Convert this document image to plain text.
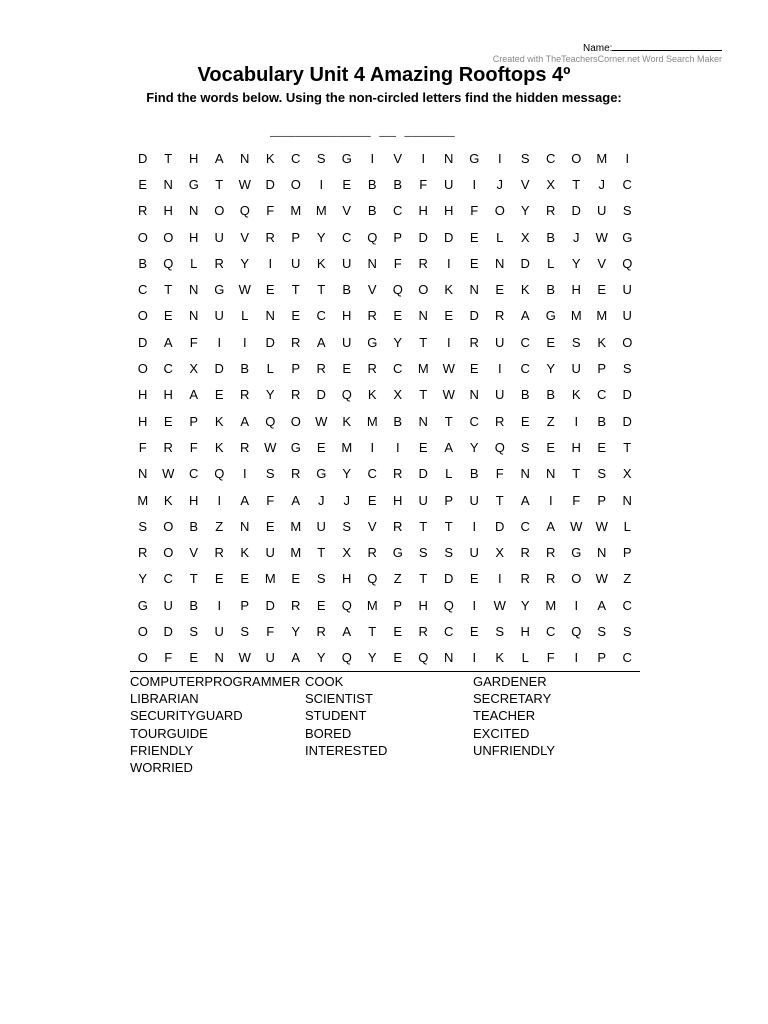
Name:
Created with TheTeachersCorner.net Word Search Maker
Vocabulary Unit 4 Amazing Rooftops 4º
Find the words below. Using the non-circled letters find the hidden message:
____________ __ ______
D	T	H	A	N	K	C	S	G	I	V	I	N	G	I	S	C	O	M	I
E	N	G	T	W	D	O	I	E	B	B	F	U	I	J	V	X	T	J	C
R	H	N	O	Q	F	M	M	V	B	C	H	H	F	O	Y	R	D	U	S
O	O	H	U	V	R	P	Y	C	Q	P	D	D	E	L	X	B	J	W	G
B	Q	L	R	Y	I	U	K	U	N	F	R	I	E	N	D	L	Y	V	Q
C	T	N	G	W	E	T	T	B	V	Q	O	K	N	E	K	B	H	E	U
O	E	N	U	L	N	E	C	H	R	E	N	E	D	R	A	G	M	M	U
D	A	F	I	I	D	R	A	U	G	Y	T	I	R	U	C	E	S	K	O
O	C	X	D	B	L	P	R	E	R	C	M	W	E	I	C	Y	U	P	S
H	H	A	E	R	Y	R	D	Q	K	X	T	W	N	U	B	B	K	C	D
H	E	P	K	A	Q	O	W	K	M	B	N	T	C	R	E	Z	I	B	D
F	R	F	K	R	W	G	E	M	I	I	E	A	Y	Q	S	E	H	E	T
N	W	C	Q	I	S	R	G	Y	C	R	D	L	B	F	N	N	T	S	X
M	K	H	I	A	F	A	J	J	E	H	U	P	U	T	A	I	F	P	N
S	O	B	Z	N	E	M	U	S	V	R	T	T	I	D	C	A	W	W	L
R	O	V	R	K	U	M	T	X	R	G	S	S	U	X	R	R	G	N	P
Y	C	T	E	E	M	E	S	H	Q	Z	T	D	E	I	R	R	O	W	Z
G	U	B	I	P	D	R	E	Q	M	P	H	Q	I	W	Y	M	I	A	C
O	D	S	U	S	F	Y	R	A	T	E	R	C	E	S	H	C	Q	S	S
O	F	E	N	W	U	A	Y	Q	Y	E	Q	N	I	K	L	F	I	P	C
COMPUTERPROGRAMMER COOK	GARDENER
LIBRARIAN	SCIENTIST	SECRETARY
SECURITYGUARD	STUDENT	TEACHER
TOURGUIDE	BORED	EXCITED
FRIENDLY	INTERESTED	UNFRIENDLY
WORRIED
